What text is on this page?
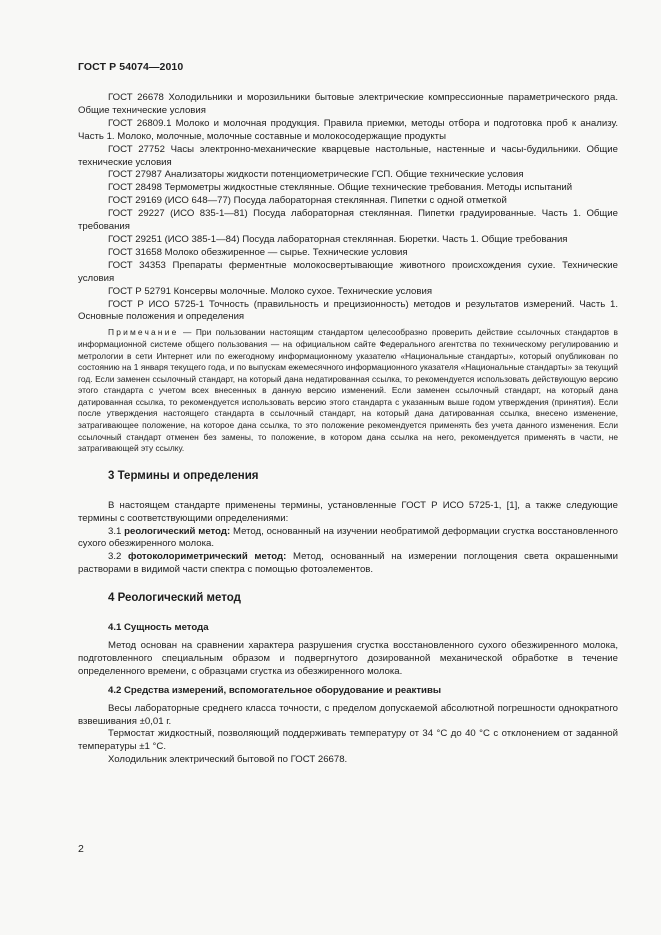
ГОСТ Р 54074—2010

ГОСТ 26678 Холодильники и морозильники бытовые электрические компрессионные параметрического ряда. Общие технические условия

ГОСТ 26809.1 Молоко и молочная продукция. Правила приемки, методы отбора и подготовка проб к анализу. Часть 1. Молоко, молочные, молочные составные и молокосодержащие продукты

ГОСТ 27752 Часы электронно-механические кварцевые настольные, настенные и часы-будильники. Общие технические условия

ГОСТ 27987 Анализаторы жидкости потенциометрические ГСП. Общие технические условия

ГОСТ 28498 Термометры жидкостные стеклянные. Общие технические требования. Методы испытаний

ГОСТ 29169 (ИСО 648—77) Посуда лабораторная стеклянная. Пипетки с одной отметкой

ГОСТ 29227 (ИСО 835-1—81) Посуда лабораторная стеклянная. Пипетки градуированные. Часть 1. Общие требования

ГОСТ 29251 (ИСО 385-1—84) Посуда лабораторная стеклянная. Бюретки. Часть 1. Общие требования

ГОСТ 31658 Молоко обезжиренное — сырье. Технические условия

ГОСТ 34353 Препараты ферментные молокосвертывающие животного происхождения сухие. Технические условия

ГОСТ Р 52791 Консервы молочные. Молоко сухое. Технические условия

ГОСТ Р ИСО 5725-1 Точность (правильность и прецизионность) методов и результатов измерений. Часть 1. Основные положения и определения

Примечание — При пользовании настоящим стандартом целесообразно проверить действие ссылочных стандартов в информационной системе общего пользования — на официальном сайте Федерального агентства по техническому регулированию и метрологии в сети Интернет или по ежегодному информационному указателю «Национальные стандарты», который опубликован по состоянию на 1 января текущего года, и по выпускам ежемесячного информационного указателя «Национальные стандарты» за текущий год. Если заменен ссылочный стандарт, на который дана недатированная ссылка, то рекомендуется использовать действующую версию этого стандарта с учетом всех внесенных в данную версию изменений. Если заменен ссылочный стандарт, на который дана датированная ссылка, то рекомендуется использовать версию этого стандарта с указанным выше годом утверждения (принятия). Если после утверждения настоящего стандарта в ссылочный стандарт, на который дана датированная ссылка, внесено изменение, затрагивающее положение, на которое дана ссылка, то это положение рекомендуется применять без учета данного изменения. Если ссылочный стандарт отменен без замены, то положение, в котором дана ссылка на него, рекомендуется применять в части, не затрагивающей эту ссылку.

3 Термины и определения

В настоящем стандарте применены термины, установленные ГОСТ Р ИСО 5725-1, [1], а также следующие термины с соответствующими определениями:

3.1 реологический метод: Метод, основанный на изучении необратимой деформации сгустка восстановленного сухого обезжиренного молока.

3.2 фотоколориметрический метод: Метод, основанный на измерении поглощения света окрашенными растворами в видимой части спектра с помощью фотоэлементов.

4 Реологический метод
4.1 Сущность метода

Метод основан на сравнении характера разрушения сгустка восстановленного сухого обезжиренного молока, подготовленного специальным образом и подвергнутого дозированной механической обработке в течение определенного времени, с образцами сгустка из обезжиренного молока.

4.2 Средства измерений, вспомогательное оборудование и реактивы

Весы лабораторные среднего класса точности, с пределом допускаемой абсолютной погрешности однократного взвешивания ±0,01 г.

Термостат жидкостный, позволяющий поддерживать температуру от 34 °С до 40 °С с отклонением от заданной температуры ±1 °С.

Холодильник электрический бытовой по ГОСТ 26678.

2
